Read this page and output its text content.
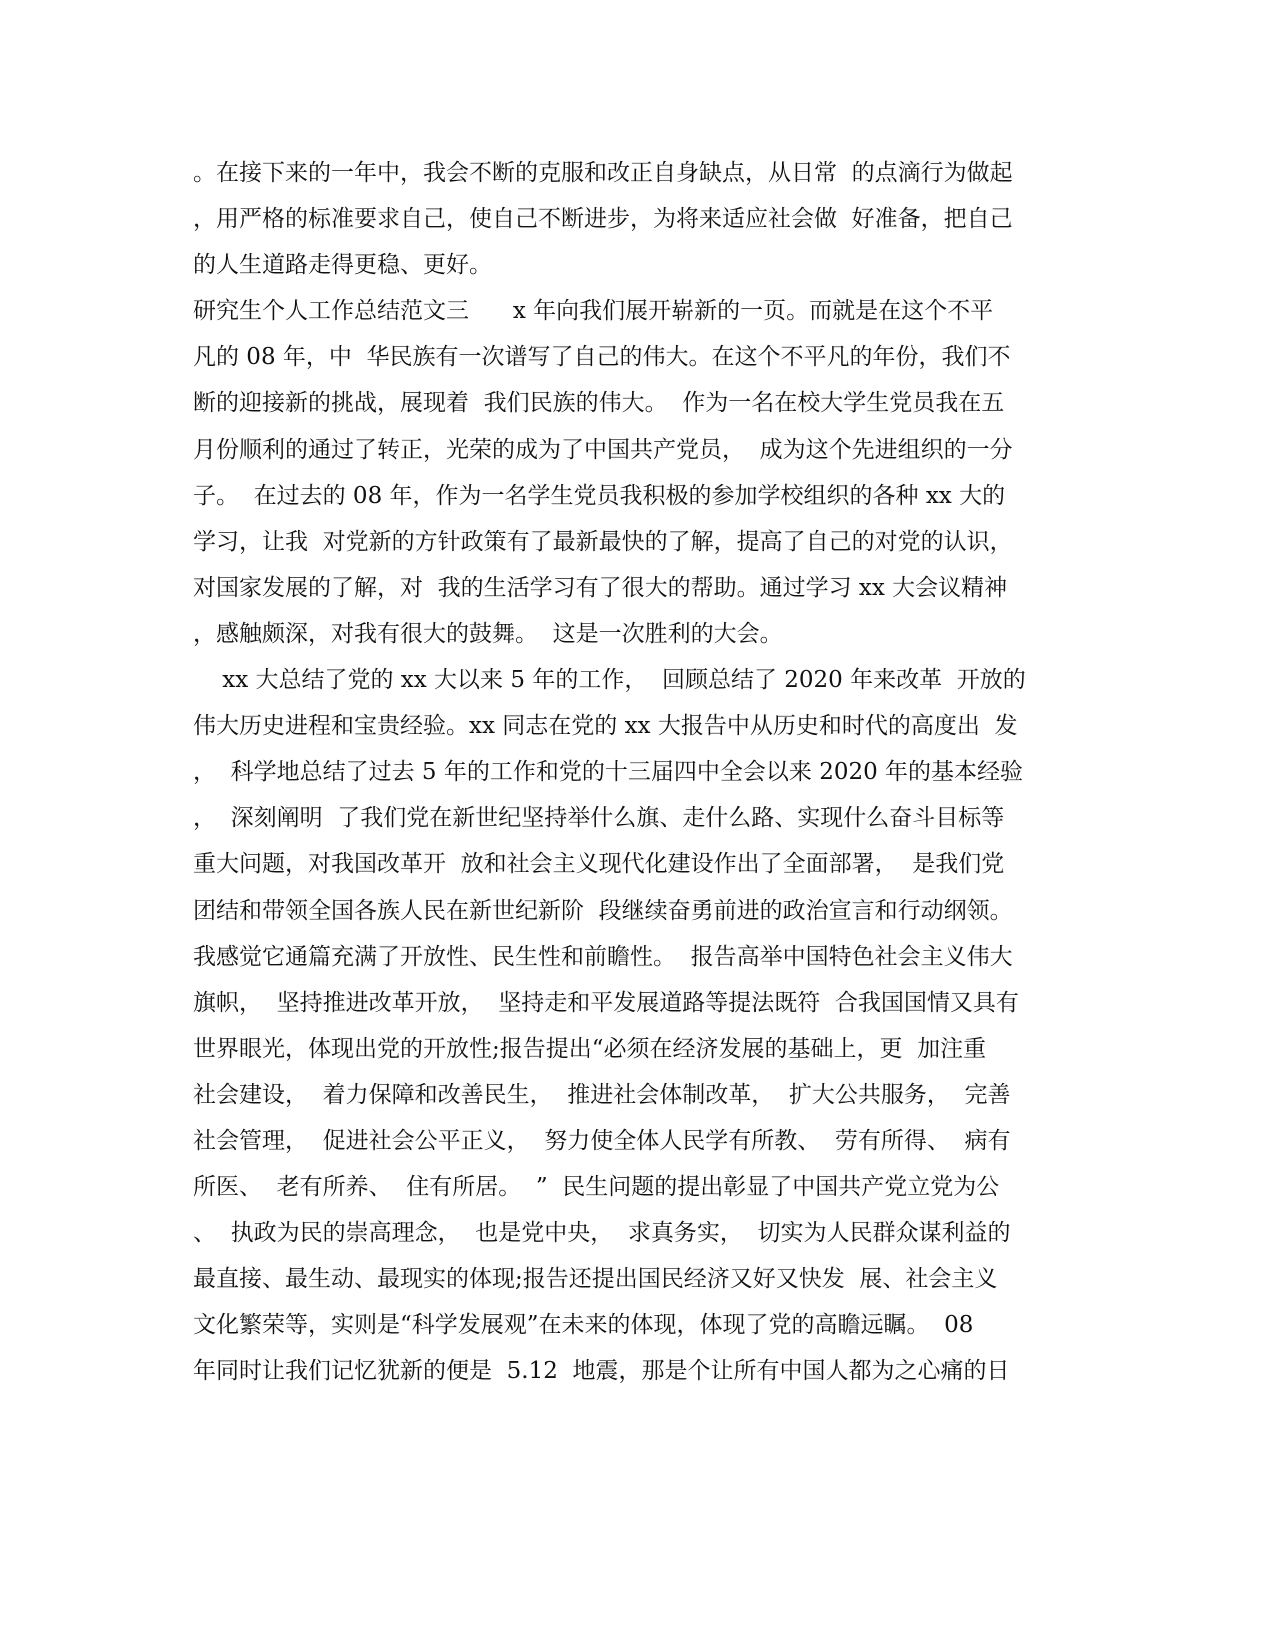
。在接下来的一年中，我会不断的克服和改正自身缺点，从日常  的点滴行为做起
，用严格的标准要求自己，使自己不断进步，为将来适应社会做  好准备，把自己
的人生道路走得更稳、更好。
研究生个人工作总结范文三      x 年向我们展开崭新的一页。而就是在这个不平
凡的 08 年，中  华民族有一次谱写了自己的伟大。在这个不平凡的年份，我们不
断的迎接新的挑战，展现着  我们民族的伟大。  作为一名在校大学生党员我在五
月份顺利的通过了转正，光荣的成为了中国共产党员，  成为这个先进组织的一分
子。  在过去的 08 年，作为一名学生党员我积极的参加学校组织的各种 xx 大的
学习，让我  对党新的方针政策有了最新最快的了解，提高了自己的对党的认识，
对国家发展的了解，对  我的生活学习有了很大的帮助。通过学习 xx 大会议精神
，感触颇深，对我有很大的鼓舞。  这是一次胜利的大会。
xx 大总结了党的 xx 大以来 5 年的工作，  回顾总结了 2020 年来改革  开放的
伟大历史进程和宝贵经验。xx 同志在党的 xx 大报告中从历史和时代的高度出  发
，  科学地总结了过去 5 年的工作和党的十三届四中全会以来 2020 年的基本经验
，  深刻阐明  了我们党在新世纪坚持举什么旗、走什么路、实现什么奋斗目标等
重大问题，对我国改革开  放和社会主义现代化建设作出了全面部署，  是我们党
团结和带领全国各族人民在新世纪新阶  段继续奋勇前进的政治宣言和行动纲领。
我感觉它通篇充满了开放性、民生性和前瞻性。  报告高举中国特色社会主义伟大
旗帜，  坚持推进改革开放，  坚持走和平发展道路等提法既符  合我国国情又具有
世界眼光，体现出党的开放性;报告提出“必须在经济发展的基础上，更  加注重
社会建设，  着力保障和改善民生，  推进社会体制改革，  扩大公共服务，  完善
社会管理，  促进社会公平正义，  努力使全体人民学有所教、  劳有所得、  病有
所医、  老有所养、  住有所居。  ”  民生问题的提出彰显了中国共产党立党为公
、  执政为民的崇高理念，  也是党中央，  求真务实，  切实为人民群众谋利益的
最直接、最生动、最现实的体现;报告还提出国民经济又好又快发  展、社会主义
文化繁荣等，实则是“科学发展观”在未来的体现，体现了党的高瞻远瞩。  08
年同时让我们记忆犹新的便是  5.12  地震，那是个让所有中国人都为之心痛的日
